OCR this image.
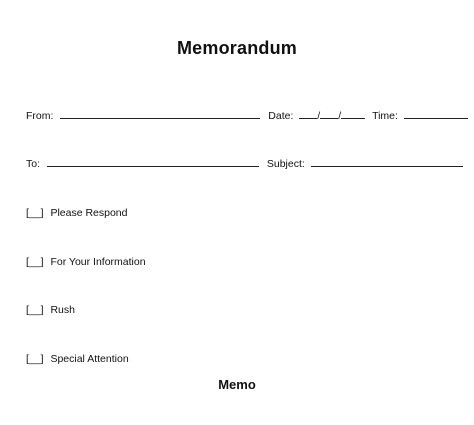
Memorandum
From:	Date: / /	Time:
To:	Subject:
[__] Please Respond
[__] For Your Information
[__] Rush
[__] Special Attention
Memo
